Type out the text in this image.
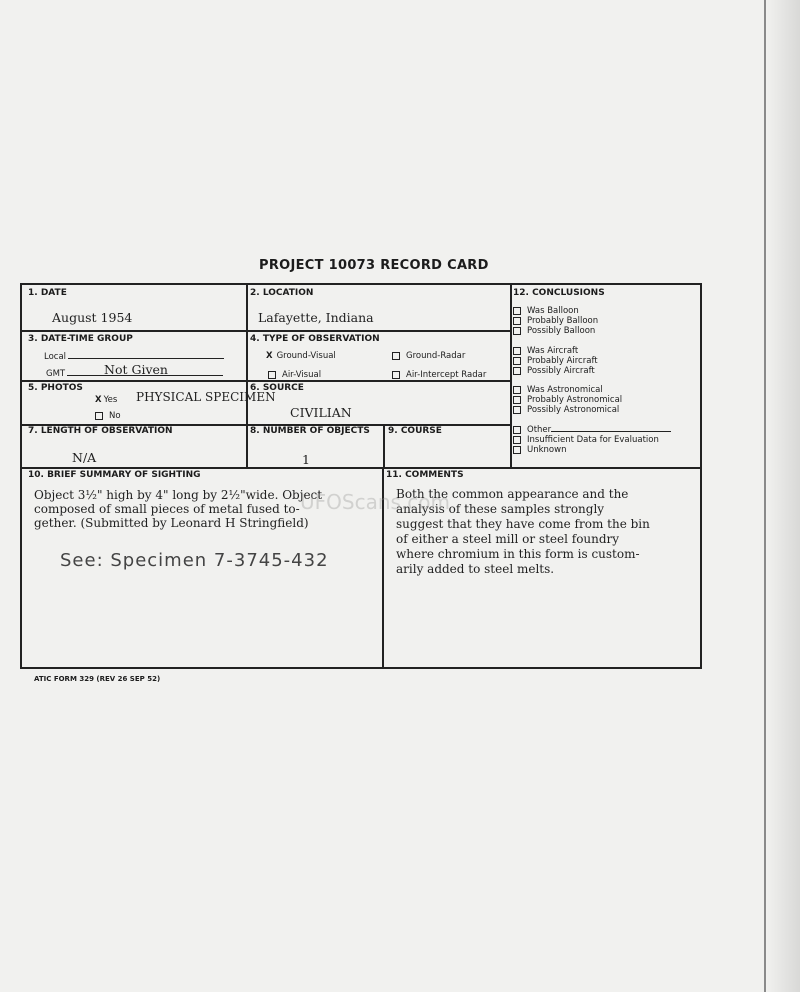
PROJECT 10073 RECORD CARD
1. DATE
August 1954
2. LOCATION
Lafayette, Indiana
12. CONCLUSIONS
Was Balloon
Probably Balloon
Possibly Balloon
Was Aircraft
Probably Aircraft
Possibly Aircraft
Was Astronomical
Probably Astronomical
Possibly Astronomical
Other
Insufficient Data for Evaluation
Unknown
3. DATE-TIME GROUP
Local
GMT	Not Given
4. TYPE OF OBSERVATION
X Ground-Visual	Ground-Radar
Air-Visual	Air-Intercept Radar
5. PHOTOS
X Yes
No
PHYSICAL SPECIMEN
6. SOURCE
CIVILIAN
7. LENGTH OF OBSERVATION
N/A
8. NUMBER OF OBJECTS
1
9. COURSE
10. BRIEF SUMMARY OF SIGHTING
Object 3½" high by 4" long by 2½"wide. Object
composed of small pieces of metal fused to-
gether. (Submitted by Leonard H Stringfield)
See: Specimen 7-3745-432
11. COMMENTS
Both the common appearance and the
analysis of these samples strongly
suggest that they have come from the bin
of either a steel mill or steel foundry
where chromium in this form is custom-
arily added to steel melts.
UFOScans.com
ATIC FORM 329 (REV 26 SEP 52)
